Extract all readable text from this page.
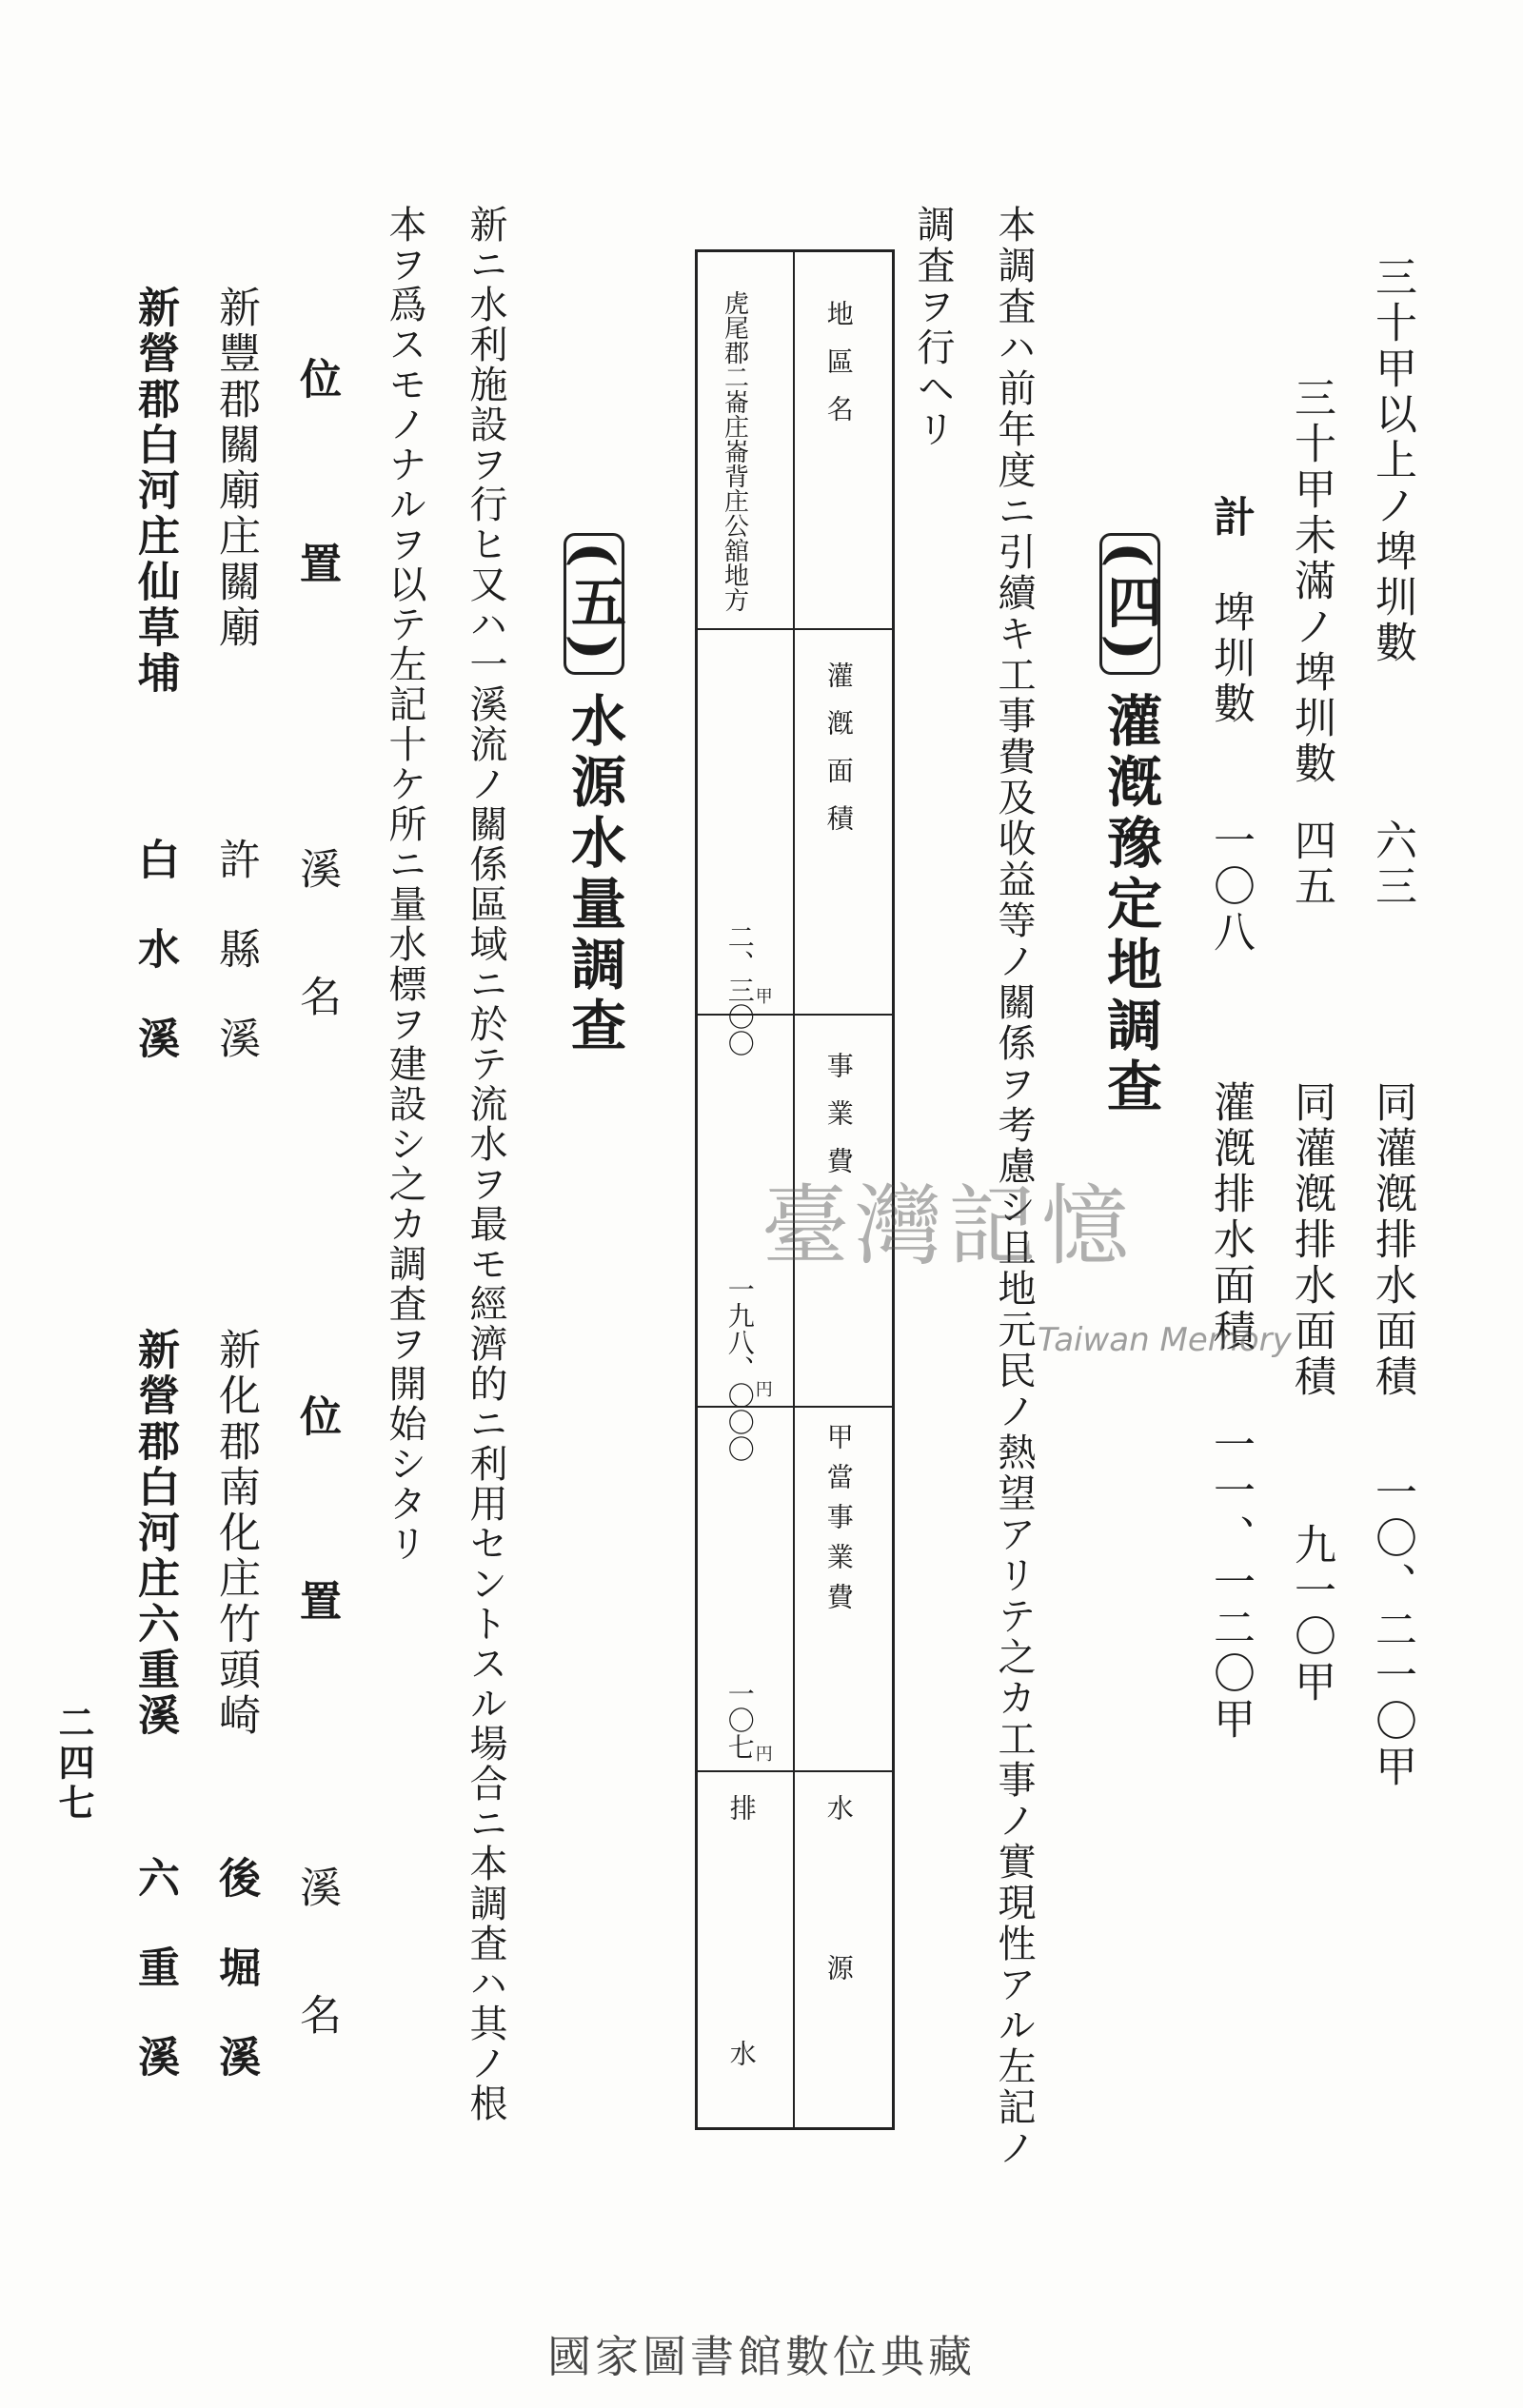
三十甲以上ノ埤圳數
六三
同灌漑排水面積
一〇、二一〇甲
三十甲未滿ノ埤圳數
四五
同灌漑排水面積
九一〇甲
計
埤圳數
一〇八
灌漑排水面積
一一、一二〇甲
(四)灌漑豫定地調查
本調査ハ前年度ニ引續キ工事費及收益等ノ關係ヲ考慮シ且地元民ノ熱望アリテ之カ工事ノ實現性アル左記ノ
調査ヲ行ヘリ
地區名
灌漑面積
事業費
甲當事業費
水源
虎尾郡二崙庄崙背庄公舘地方
甲
二、三〇〇
円
一九八、〇〇〇
円
一〇七
排水
(五)水源水量調查
新ニ水利施設ヲ行ヒ又ハ一溪流ノ關係區域ニ於テ流水ヲ最モ經濟的ニ利用セントスル場合ニ本調査ハ其ノ根
本ヲ爲スモノナルヲ以テ左記十ケ所ニ量水標ヲ建設シ之カ調査ヲ開始シタリ
位置
溪名
位置
溪名
新豐郡關廟庄關廟
許縣溪
新化郡南化庄竹頭崎
後堀溪
新營郡白河庄仙草埔
白水溪
新營郡白河庄六重溪
六重溪
二四七
臺灣記憶
Taiwan Memory
國家圖書館數位典藏
